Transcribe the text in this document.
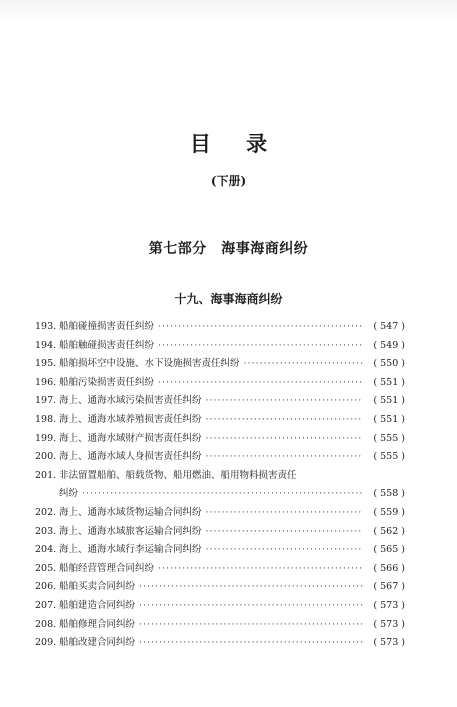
目 录
(下册)
第七部分　海事海商纠纷
十九、海事海商纠纷
193. 船舶碰撞损害责任纠纷 ·····	( 547 )
194. 船舶触碰损害责任纠纷 ·····	( 549 )
195. 船舶损坏空中设施、水下设施损害责任纠纷 ·····	( 550 )
196. 船舶污染损害责任纠纷 ·····	( 551 )
197. 海上、通海水域污染损害责任纠纷 ·····	( 551 )
198. 海上、通海水域养殖损害责任纠纷 ·····	( 551 )
199. 海上、通海水域财产损害责任纠纷 ·····	( 555 )
200. 海上、通海水域人身损害责任纠纷 ·····	( 555 )
201. 非法留置船舶、船载货物、船用燃油、船用物料损害责任
纠纷 ·····	( 558 )
202. 海上、通海水域货物运输合同纠纷 ·····	( 559 )
203. 海上、通海水域旅客运输合同纠纷 ·····	( 562 )
204. 海上、通海水域行李运输合同纠纷 ·····	( 565 )
205. 船舶经营管理合同纠纷 ·····	( 566 )
206. 船舶买卖合同纠纷 ·····	( 567 )
207. 船舶建造合同纠纷 ·····	( 573 )
208. 船舶修理合同纠纷 ·····	( 573 )
209. 船舶改建合同纠纷 ·····	( 573 )
